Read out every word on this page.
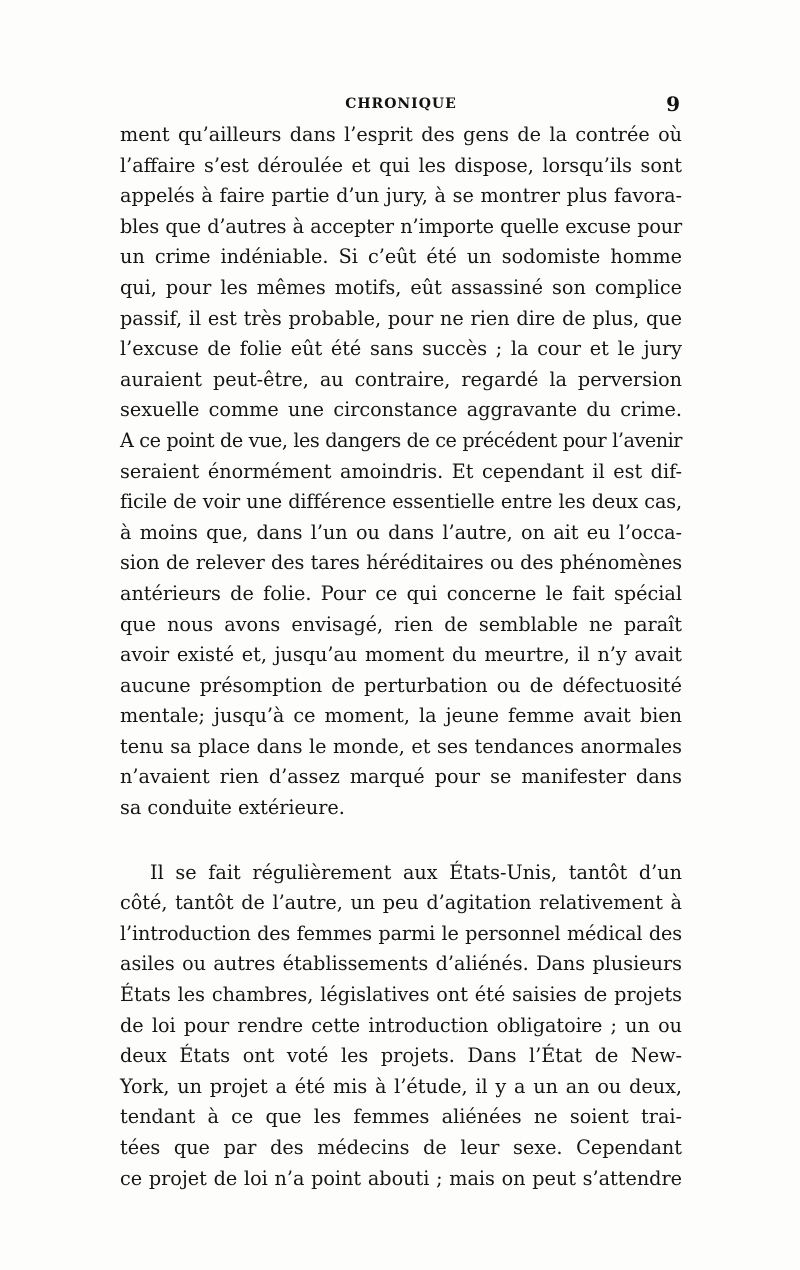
CHRONIQUE	9
ment qu’ailleurs dans l’esprit des gens de la contrée où
l’affaire s’est déroulée et qui les dispose, lorsqu’ils sont
appelés à faire partie d’un jury, à se montrer plus favora-
bles que d’autres à accepter n’importe quelle excuse pour
un crime indéniable. Si c’eût été un sodomiste homme
qui, pour les mêmes motifs, eût assassiné son complice
passif, il est très probable, pour ne rien dire de plus, que
l’excuse de folie eût été sans succès ; la cour et le jury
auraient peut-être, au contraire, regardé la perversion
sexuelle comme une circonstance aggravante du crime.
A ce point de vue, les dangers de ce précédent pour l’avenir
seraient énormément amoindris. Et cependant il est dif-
ficile de voir une différence essentielle entre les deux cas,
à moins que, dans l’un ou dans l’autre, on ait eu l’occa-
sion de relever des tares héréditaires ou des phénomènes
antérieurs de folie. Pour ce qui concerne le fait spécial
que nous avons envisagé, rien de semblable ne paraît
avoir existé et, jusqu’au moment du meurtre, il n’y avait
aucune présomption de perturbation ou de défectuosité
mentale; jusqu’à ce moment, la jeune femme avait bien
tenu sa place dans le monde, et ses tendances anormales
n’avaient rien d’assez marqué pour se manifester dans
sa conduite extérieure.
Il se fait régulièrement aux États-Unis, tantôt d’un
côté, tantôt de l’autre, un peu d’agitation relativement à
l’introduction des femmes parmi le personnel médical des
asiles ou autres établissements d’aliénés. Dans plusieurs
États les chambres, législatives ont été saisies de projets
de loi pour rendre cette introduction obligatoire ; un ou
deux États ont voté les projets. Dans l’État de New-
York, un projet a été mis à l’étude, il y a un an ou deux,
tendant à ce que les femmes aliénées ne soient trai-
tées que par des médecins de leur sexe. Cependant
ce projet de loi n’a point abouti ; mais on peut s’attendre
